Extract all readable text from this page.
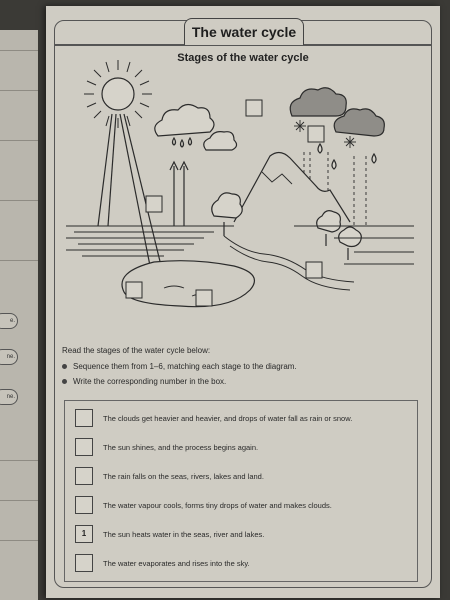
e.
ne.
ne.
The water cycle
Stages of the water cycle
Read the stages of the water cycle below:
Sequence them from 1–6, matching each stage to the diagram.
Write the corresponding number in the box.
The clouds get heavier and heavier, and drops of water fall as rain or snow.
The sun shines, and the process begins again.
The rain falls on the seas, rivers, lakes and land.
The water vapour cools, forms tiny drops of water and makes clouds.
1	The sun heats water in the seas, river and lakes.
The water evaporates and rises into the sky.
